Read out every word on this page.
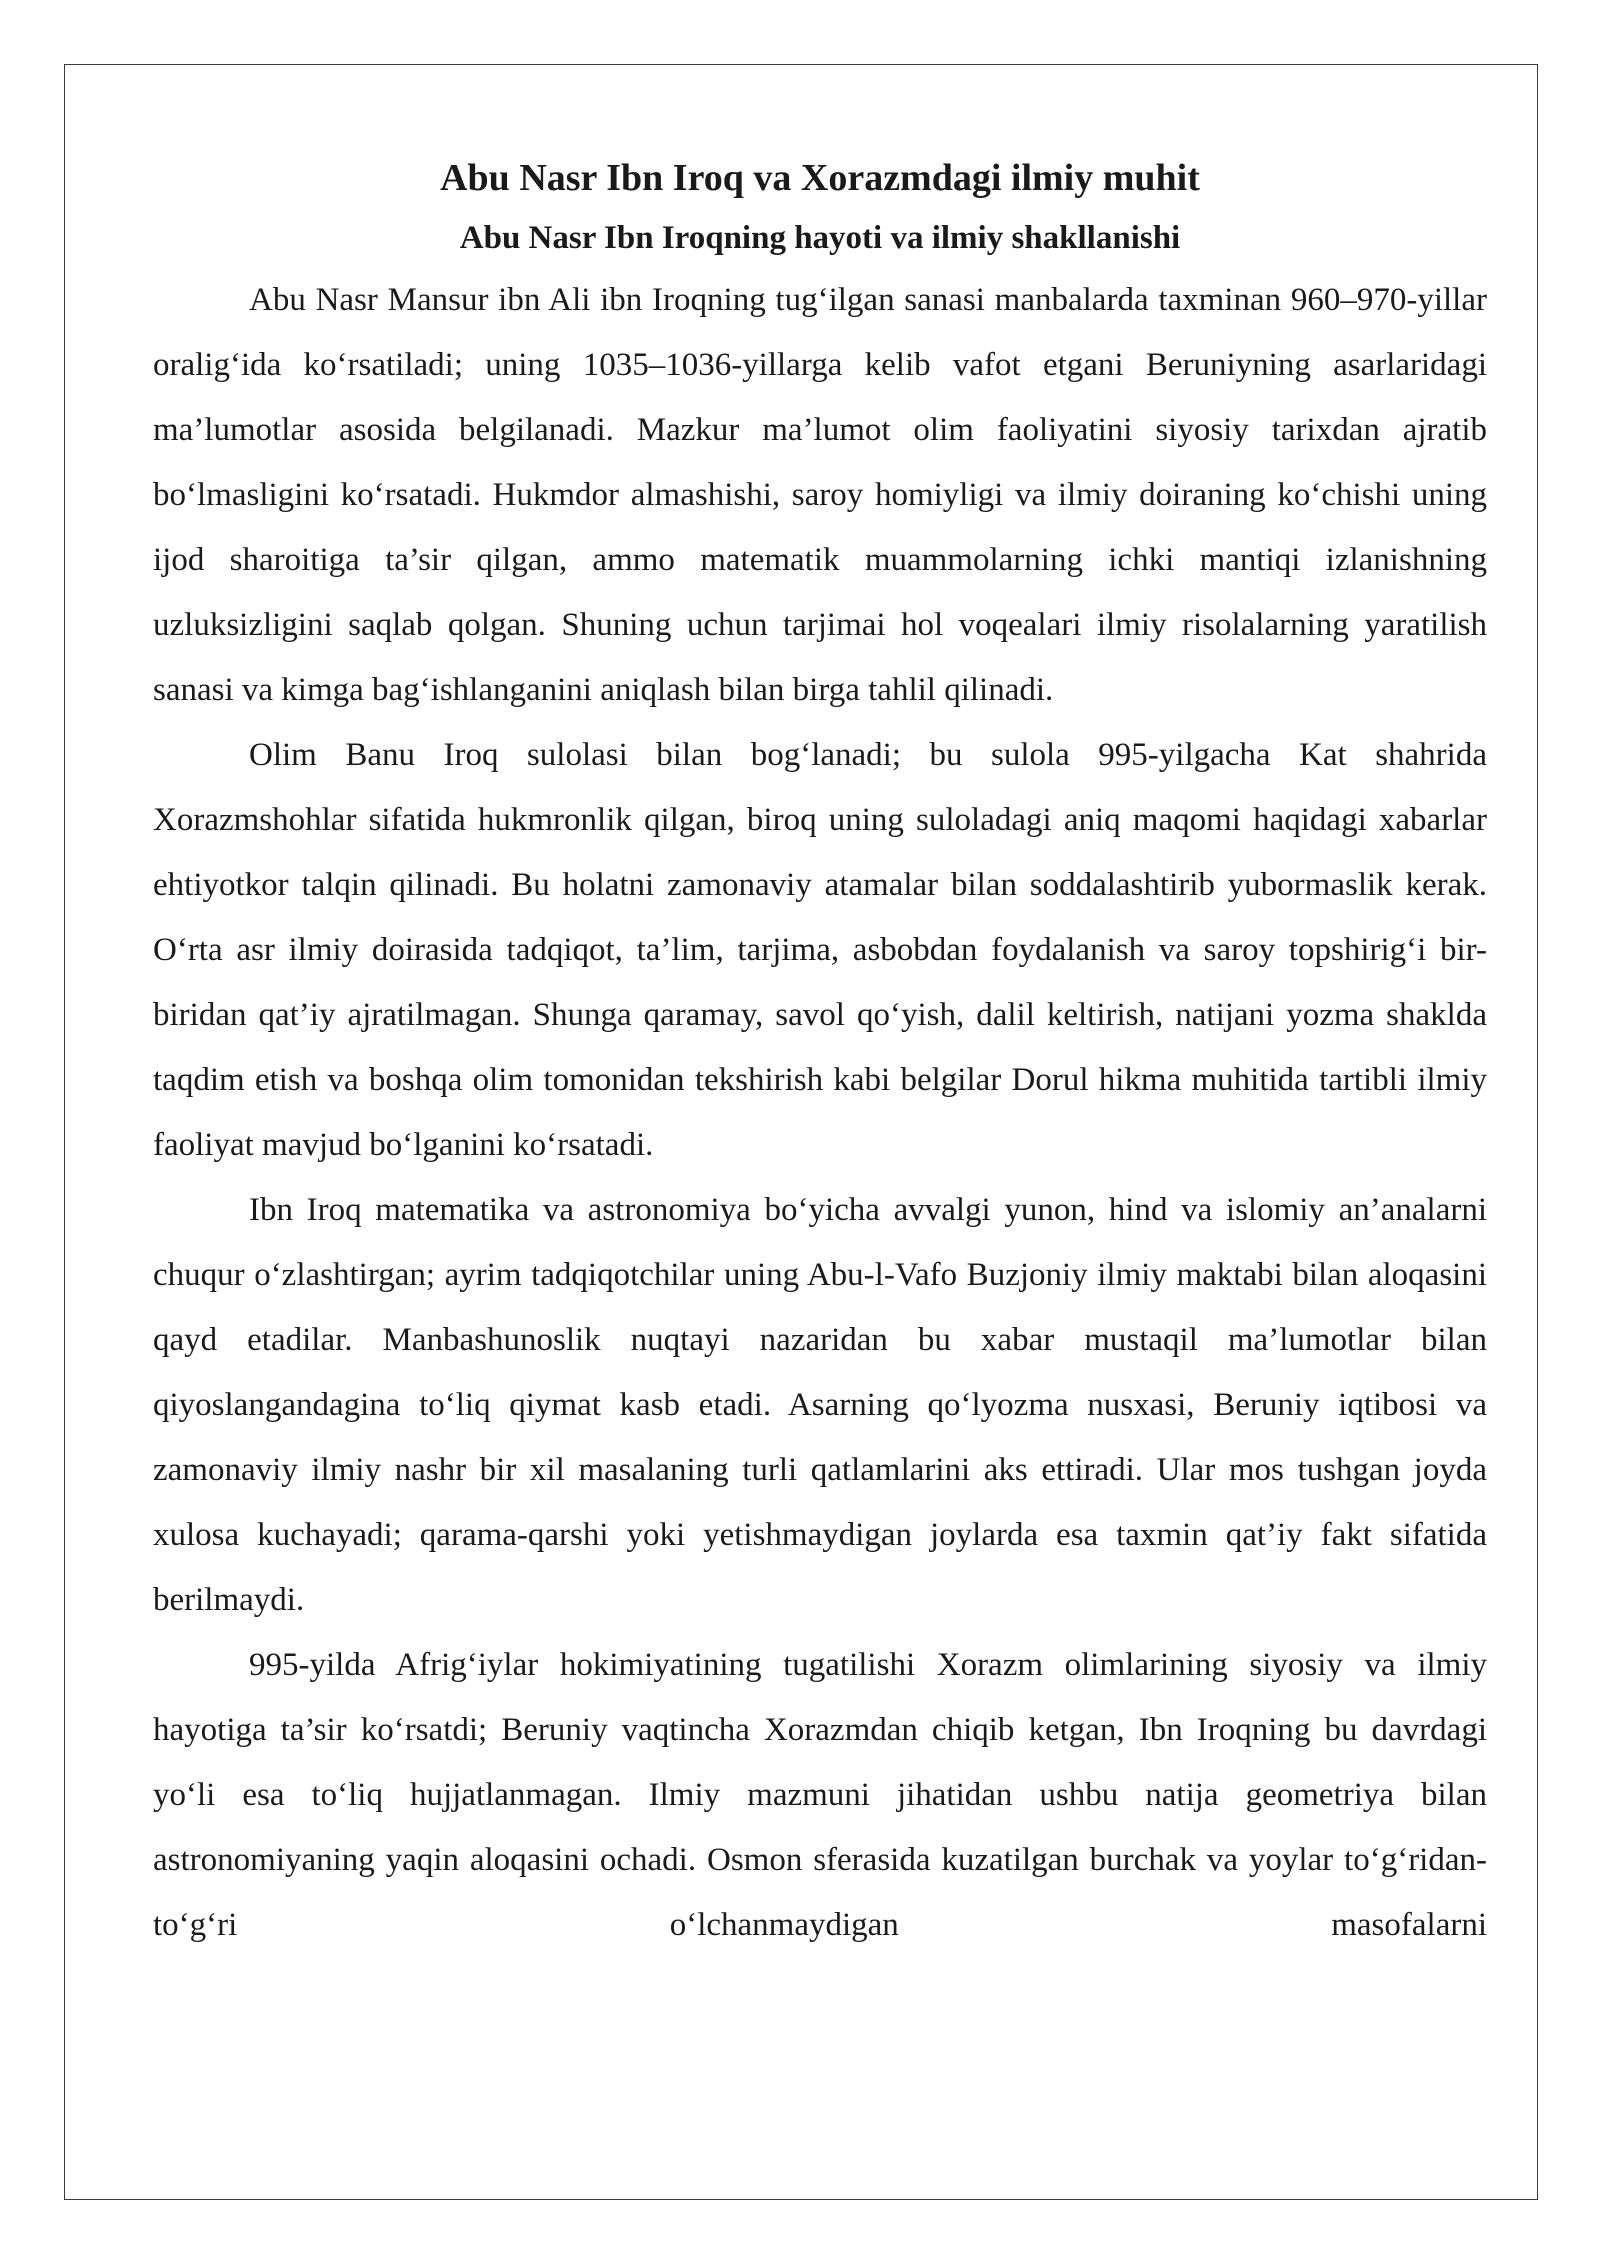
Abu Nasr Ibn Iroq va Xorazmdagi ilmiy muhit
Abu Nasr Ibn Iroqning hayoti va ilmiy shakllanishi

Abu Nasr Mansur ibn Ali ibn Iroqning tug‘ilgan sanasi manbalarda taxminan 960–970-yillar oralig‘ida ko‘rsatiladi; uning 1035–1036-yillarga kelib vafot etgani Beruniyning asarlaridagi ma’lumotlar asosida belgilanadi. Mazkur ma’lumot olim faoliyatini siyosiy tarixdan ajratib bo‘lmasligini ko‘rsatadi. Hukmdor almashishi, saroy homiyligi va ilmiy doiraning ko‘chishi uning ijod sharoitiga ta’sir qilgan, ammo matematik muammolarning ichki mantiqi izlanishning uzluksizligini saqlab qolgan. Shuning uchun tarjimai hol voqealari ilmiy risolalarning yaratilish sanasi va kimga bag‘ishlanganini aniqlash bilan birga tahlil qilinadi.

Olim Banu Iroq sulolasi bilan bog‘lanadi; bu sulola 995-yilgacha Kat shahrida Xorazmshohlar sifatida hukmronlik qilgan, biroq uning suloladagi aniq maqomi haqidagi xabarlar ehtiyotkor talqin qilinadi. Bu holatni zamonaviy atamalar bilan soddalashtirib yubormaslik kerak. O‘rta asr ilmiy doirasida tadqiqot, ta’lim, tarjima, asbobdan foydalanish va saroy topshirig‘i bir-biridan qat’iy ajratilmagan. Shunga qaramay, savol qo‘yish, dalil keltirish, natijani yozma shaklda taqdim etish va boshqa olim tomonidan tekshirish kabi belgilar Dorul hikma muhitida tartibli ilmiy faoliyat mavjud bo‘lganini ko‘rsatadi.

Ibn Iroq matematika va astronomiya bo‘yicha avvalgi yunon, hind va islomiy an’analarni chuqur o‘zlashtirgan; ayrim tadqiqotchilar uning Abu-l-Vafo Buzjoniy ilmiy maktabi bilan aloqasini qayd etadilar. Manbashunoslik nuqtayi nazaridan bu xabar mustaqil ma’lumotlar bilan qiyoslangandagina to‘liq qiymat kasb etadi. Asarning qo‘lyozma nusxasi, Beruniy iqtibosi va zamonaviy ilmiy nashr bir xil masalaning turli qatlamlarini aks ettiradi. Ular mos tushgan joyda xulosa kuchayadi; qarama-qarshi yoki yetishmaydigan joylarda esa taxmin qat’iy fakt sifatida berilmaydi.

995-yilda Afrig‘iylar hokimiyatining tugatilishi Xorazm olimlarining siyosiy va ilmiy hayotiga ta’sir ko‘rsatdi; Beruniy vaqtincha Xorazmdan chiqib ketgan, Ibn Iroqning bu davrdagi yo‘li esa to‘liq hujjatlanmagan. Ilmiy mazmuni jihatidan ushbu natija geometriya bilan astronomiyaning yaqin aloqasini ochadi. Osmon sferasida kuzatilgan burchak va yoylar to‘g‘ridan-to‘g‘ri o‘lchanmaydigan masofalarni
